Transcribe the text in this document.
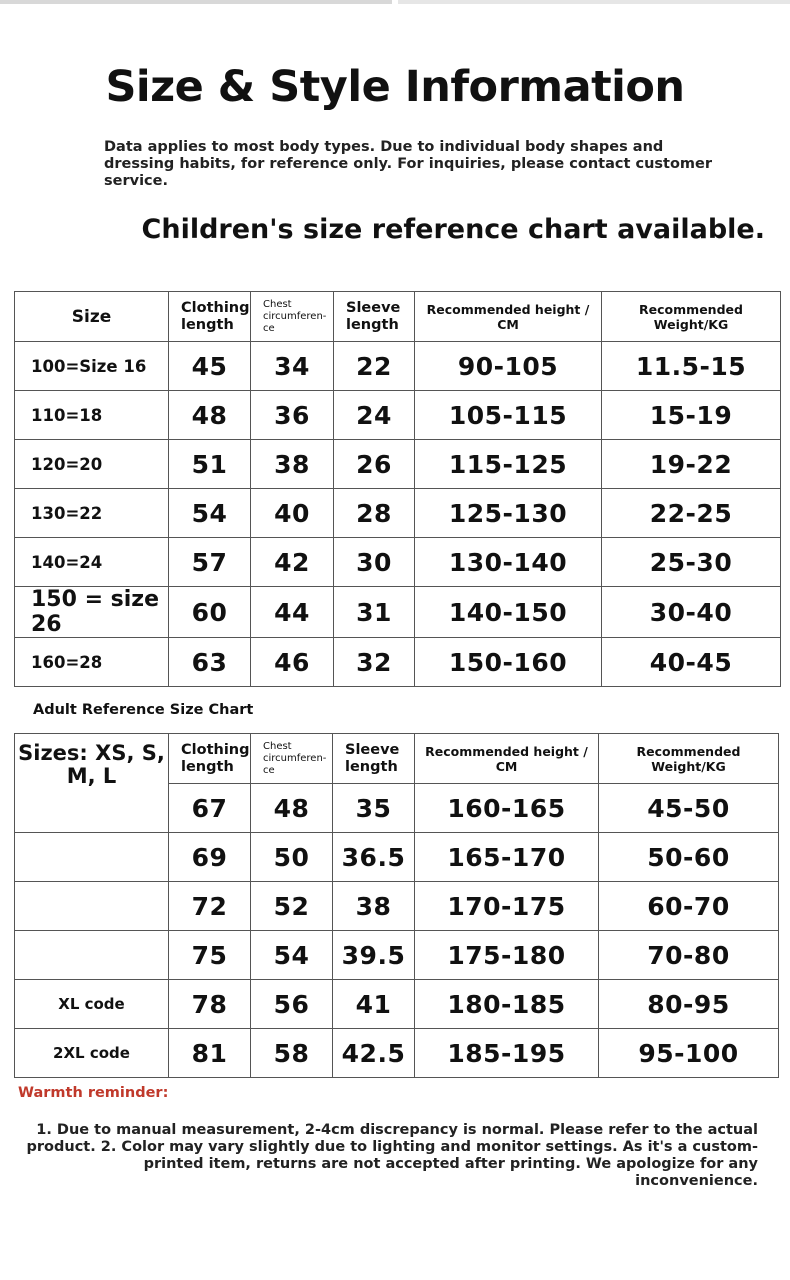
Size & Style Information
Data applies to most body types. Due to individual body shapes and dressing habits, for reference only. For inquiries, please contact customer service.
Children's size reference chart available.
Size	Clothing length	Chest circumferen-ce	Sleeve length	Recommended height / CM	Recommended Weight/KG
100=Size 16	45	34	22	90-105	11.5-15
110=18	48	36	24	105-115	15-19
120=20	51	38	26	115-125	19-22
130=22	54	40	28	125-130	22-25
140=24	57	42	30	130-140	25-30
150 = size 26	60	44	31	140-150	30-40
160=28	63	46	32	150-160	40-45
Adult Reference Size Chart
Sizes: XS, S, M, L	Clothing length	Chest circumferen-ce	Sleeve length	Recommended height / CM	Recommended Weight/KG
	67	48	35	160-165	45-50
	69	50	36.5	165-170	50-60
	72	52	38	170-175	60-70
	75	54	39.5	175-180	70-80
XL code	78	56	41	180-185	80-95
2XL code	81	58	42.5	185-195	95-100
Warmth reminder:
1. Due to manual measurement, 2-4cm discrepancy is normal. Please refer to the actual product. 2. Color may vary slightly due to lighting and monitor settings. As it's a custom-printed item, returns are not accepted after printing. We apologize for any inconvenience.
